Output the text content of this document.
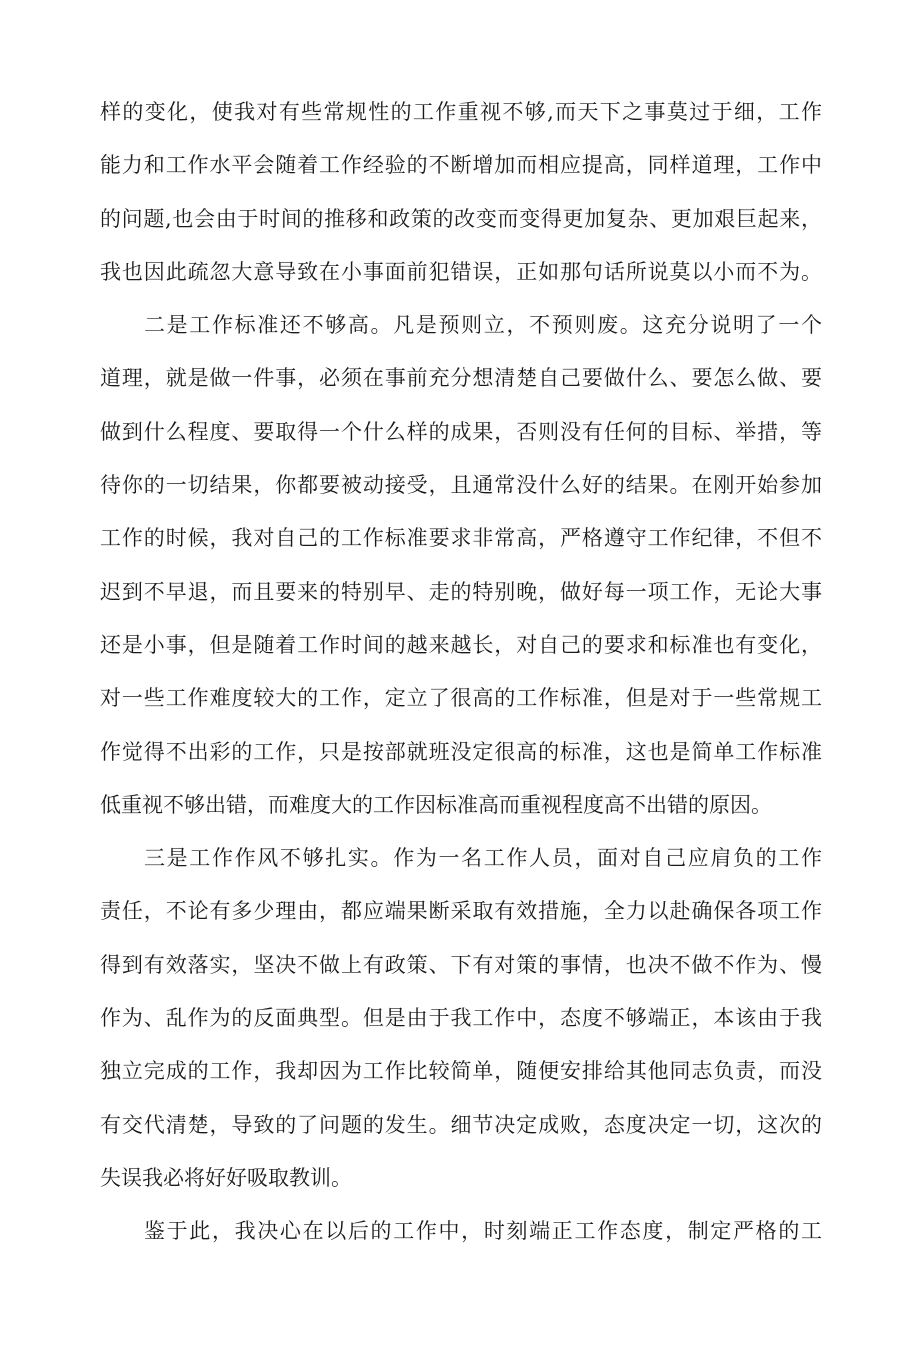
样的变化，使我对有些常规性的工作重视不够,而天下之事莫过于细，工作
能力和工作水平会随着工作经验的不断增加而相应提高，同样道理，工作中
的问题,也会由于时间的推移和政策的改变而变得更加复杂、更加艰巨起来，
我也因此疏忽大意导致在小事面前犯错误，正如那句话所说莫以小而不为。
二是工作标准还不够高。凡是预则立，不预则废。这充分说明了一个
道理，就是做一件事，必须在事前充分想清楚自己要做什么、要怎么做、要
做到什么程度、要取得一个什么样的成果，否则没有任何的目标、举措，等
待你的一切结果，你都要被动接受，且通常没什么好的结果。在刚开始参加
工作的时候，我对自己的工作标准要求非常高，严格遵守工作纪律，不但不
迟到不早退，而且要来的特别早、走的特别晚，做好每一项工作，无论大事
还是小事，但是随着工作时间的越来越长，对自己的要求和标准也有变化，
对一些工作难度较大的工作，定立了很高的工作标准，但是对于一些常规工
作觉得不出彩的工作，只是按部就班没定很高的标准，这也是简单工作标准
低重视不够出错，而难度大的工作因标准高而重视程度高不出错的原因。
三是工作作风不够扎实。作为一名工作人员，面对自己应肩负的工作
责任，不论有多少理由，都应端果断采取有效措施，全力以赴确保各项工作
得到有效落实，坚决不做上有政策、下有对策的事情，也决不做不作为、慢
作为、乱作为的反面典型。但是由于我工作中，态度不够端正，本该由于我
独立完成的工作，我却因为工作比较简单，随便安排给其他同志负责，而没
有交代清楚，导致的了问题的发生。细节决定成败，态度决定一切，这次的
失误我必将好好吸取教训。
鉴于此，我决心在以后的工作中，时刻端正工作态度，制定严格的工
